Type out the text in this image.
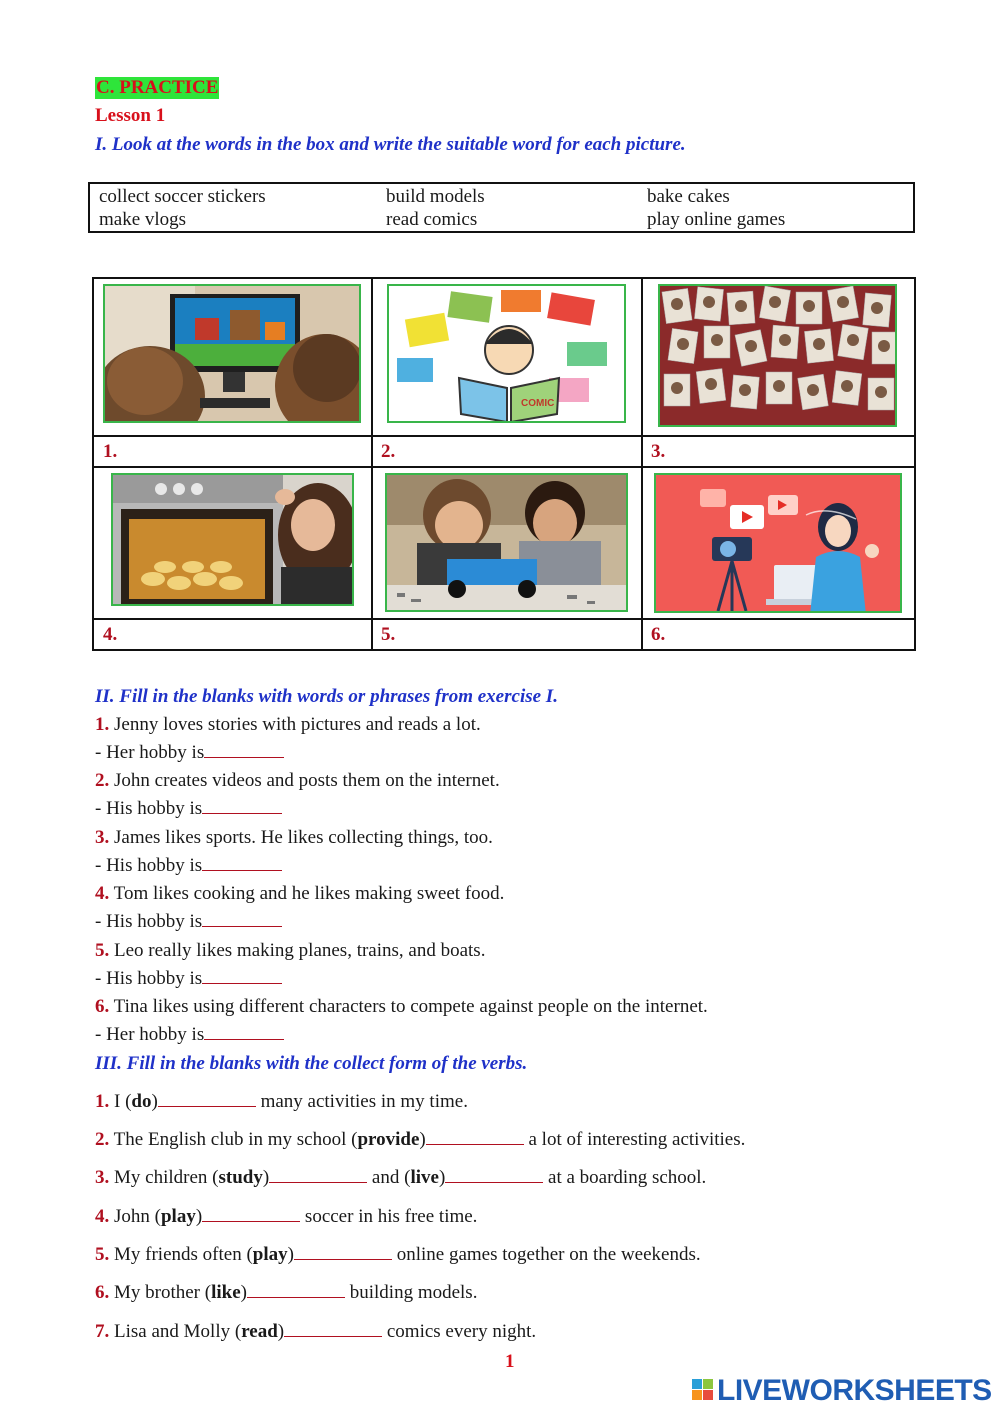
C. PRACTICE
Lesson 1
I. Look at the words in the box and write the suitable word for each picture.
collect soccer stickers	build models	bake cakes
make vlogs	read comics	play online games
COMIC
1.	2.	3.
4.	5.	6.
II. Fill in the blanks with words or phrases from exercise I.
1. Jenny loves stories with pictures and reads a lot.
- Her hobby is
2. John creates videos and posts them on the internet.
- His hobby is
3. James likes sports. He likes collecting things, too.
- His hobby is
4. Tom likes cooking and he likes making sweet food.
- His hobby is
5. Leo really likes making planes, trains, and boats.
- His hobby is
6. Tina likes using different characters to compete against people on the internet.
- Her hobby is
III. Fill in the blanks with the collect form of the verbs.
1. I (do)	many activities in my time.
2. The English club in my school (provide)	a lot of interesting activities.
3. My children (study)	and (live)	at a boarding school.
4. John (play)	soccer in his free time.
5. My friends often (play)	online games together on the weekends.
6. My brother (like)	building models.
7. Lisa and Molly (read)	comics every night.
1
LIVEWORKSHEETS
